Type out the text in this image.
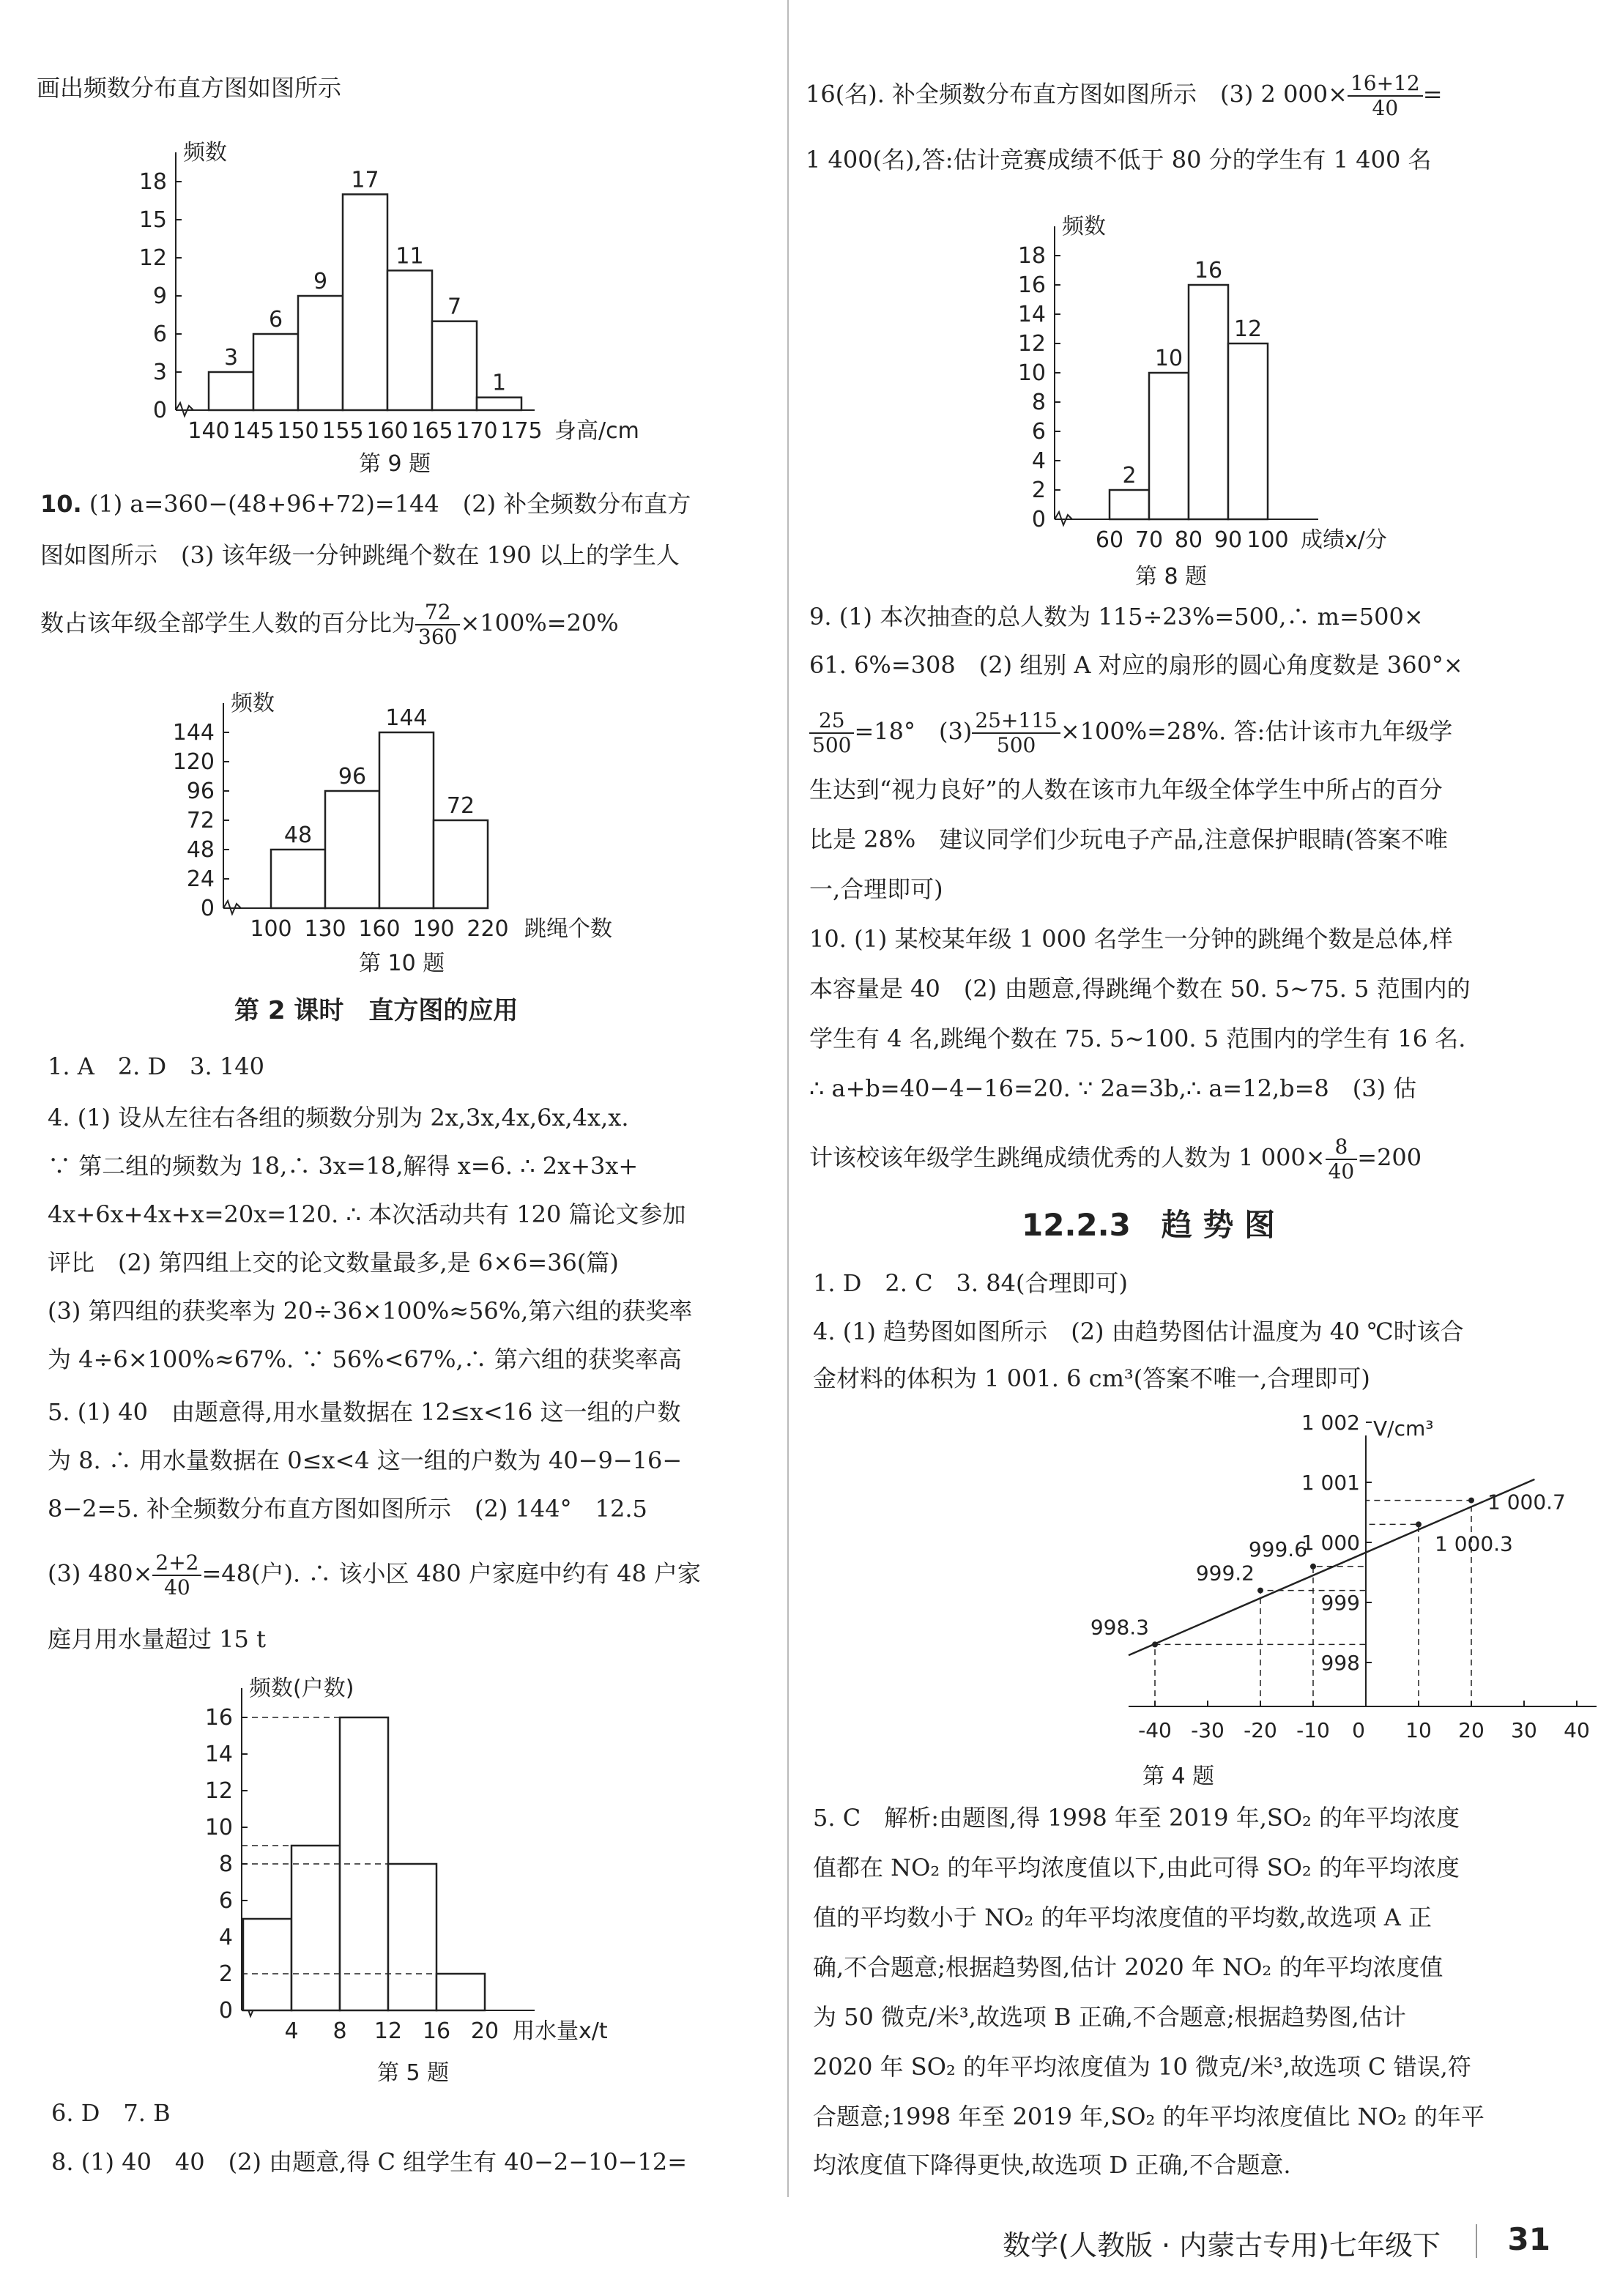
画出频数分布直方图如图所示
0
3
6
9
12
15
18
频数
140 145 150 155 160 165 170 175 身高/cm
3
6
9
17
11
7
1
第 9 题
10. (1) a=360−(48+96+72)=144　(2) 补全频数分布直方
图如图所示　(3) 该年级一分钟跳绳个数在 190 以上的学生人
数占该年级全部学生人数的百分比为 $\frac{72}{360} \times 100\%=20\%$
0
24
48
72
96
120
144
频数
100 130 160 190 220 跳绳个数
48
96
144
72
第 10 题
第 2 课时　直方图的应用
1. A　2. D　3. 140
4. (1) 设从左往右各组的频数分别为 2x,3x,4x,6x,4x,x.
∵ 第二组的频数为 18,∴ 3x=18,解得 x=6. ∴ 2x+3x+
4x+6x+4x+x=20x=120. ∴ 本次活动共有 120 篇论文参加
评比　(2) 第四组上交的论文数量最多,是 6×6=36(篇)
(3) 第四组的获奖率为 20÷36×100%≈56%,第六组的获奖率
为 4÷6×100%≈67%. ∵ 56%<67%,∴ 第六组的获奖率高
5. (1) 40　由题意得,用水量数据在 12≤x<16 这一组的户数
为 8. ∴ 用水量数据在 0≤x<4 这一组的户数为 40−9−16−
8−2=5. 补全频数分布直方图如图所示　(2) 144°　12.5
(3) $480\times \frac{2+2}{40} =48$(户). ∴ 该小区 480 户家庭中约有 48 户家
庭月用水量超过 15 t
0
2
4
6
8
10
12
14
16
频数(户数)
4 8 12 16 20 用水量x/t
第 5 题
6. D　7. B
8. (1) 40　40　(2) 由题意,得 C 组学生有 40−2−10−12=
16(名). 补全频数分布直方图如图所示　(3) 2 $000\times \frac{16+12}{40}$ =
1 400(名),答:估计竞赛成绩不低于 80 分的学生有 1 400 名
0
2
4
6
8
10
12
14
16
18
频数
60 70 80 90 100 成绩x/分
2
10
16
12
第 8 题
9. (1) 本次抽查的总人数为 115÷23%=500,∴ m=500×
61. 6%=308　(2) 组别 A 对应的扇形的圆心角度数是 360°×
$\frac{25}{500} =18^\circ$　$(3) \frac{25+115}{500} \times 100\%=28\%$. 答:估计该市九年级学
生达到“视力良好”的人数在该市九年级全体学生中所占的百分
比是 28%　建议同学们少玩电子产品,注意保护眼睛(答案不唯
一,合理即可)
10. (1) 某校某年级 1 000 名学生一分钟的跳绳个数是总体,样
本容量是 40　(2) 由题意,得跳绳个数在 50. 5∼75. 5 范围内的
学生有 4 名,跳绳个数在 75. 5∼100. 5 范围内的学生有 16 名.
∴ a+b=40−4−16=20. ∵ 2a=3b,∴ a=12,b=8　(3) 估
计该校该年级学生跳绳成绩优秀的人数为 1 $000\times \frac{8}{40} =200$
12.2.3　趋 势 图
1. D　2. C　3. 84(合理即可)
4. (1) 趋势图如图所示　(2) 由趋势图估计温度为 40 ℃时该合
金材料的体积为 1 001. 6 cm³(答案不唯一,合理即可)
V/cm³
-40 -30 -20 -10 0 10 20 30 40
998
999
1 000
1 001
1 002
998.3
999.2
999.6	1 000.3
1 000.7
第 4 题
5. C　解析:由题图,得 1998 年至 2019 年,SO₂ 的年平均浓度
值都在 NO₂ 的年平均浓度值以下,由此可得 SO₂ 的年平均浓度
值的平均数小于 NO₂ 的年平均浓度值的平均数,故选项 A 正
确,不合题意;根据趋势图,估计 2020 年 NO₂ 的年平均浓度值
为 50 微克/米³,故选项 B 正确,不合题意;根据趋势图,估计
2020 年 SO₂ 的年平均浓度值为 10 微克/米³,故选项 C 错误,符
合题意;1998 年至 2019 年,SO₂ 的年平均浓度值比 NO₂ 的年平
均浓度值下降得更快,故选项 D 正确,不合题意.
数学(人教版 · 内蒙古专用)七年级下 31
